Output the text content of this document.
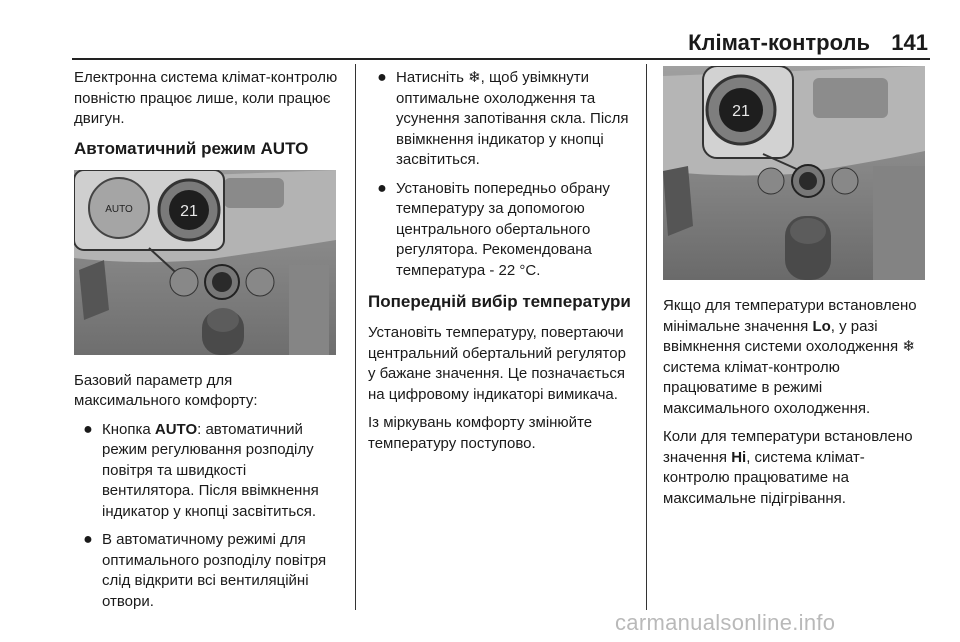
Клімат-контроль 141

Електронна система клімат-контролю повністю працює лише, коли працює двигун.

Автоматичний режим AUTO
AUTO	21

Базовий параметр для максимального комфорту:

● Кнопка AUTO: автоматичний режим регулювання розподілу повітря та швидкості вентилятора. Після ввімкнення індикатор у кнопці засвітиться.
● В автоматичному режимі для оптимального розподілу повітря слід відкрити всі вентиляційні отвори.
● Натисніть ❄, щоб увімкнути оптимальне охолодження та усунення запотівання скла. Після ввімкнення індикатор у кнопці засвітиться.
● Установіть попередньо обрану температуру за допомогою центрального обертального регулятора. Рекомендована температура - 22 °C.
Попередній вибір температури

Установіть температуру, повертаючи центральний обертальний регулятор у бажане значення. Це позначається на цифровому індикаторі вимикача.

Із міркувань комфорту змінюйте температуру поступово.

21

Якщо для температури встановлено мінімальне значення Lo, у разі ввімкнення системи охолодження ❄ система клімат-контролю працюватиме в режимі максимального охолодження.

Коли для температури встановлено значення Hi, система клімат-контролю працюватиме на максимальне підігрівання.

carmanualsonline.info
